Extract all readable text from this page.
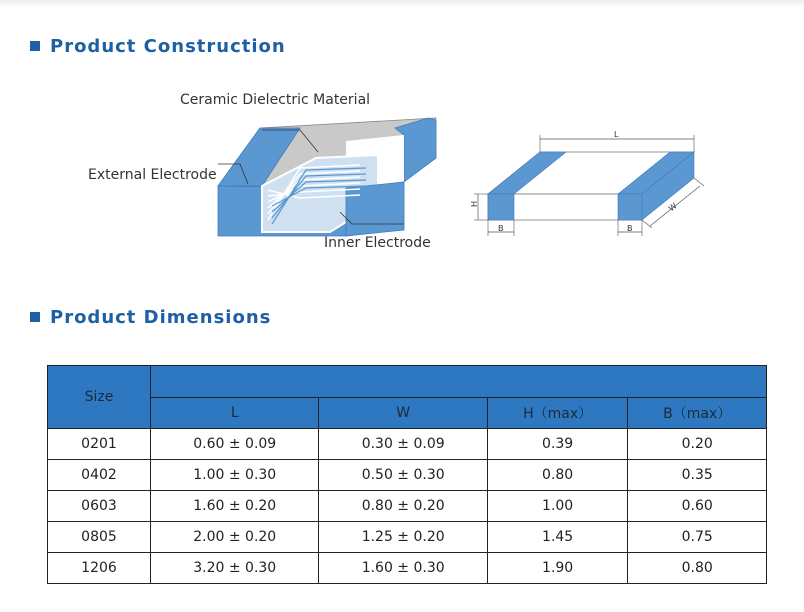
Product Construction
L
H
B	B
W
Ceramic Dielectric Material
External Electrode
Inner Electrode
Product Dimensions
Size				
	L	W	H（max）	B（max）
0201	0.60 ± 0.09	0.30 ± 0.09	0.39	0.20
0402	1.00 ± 0.30	0.50 ± 0.30	0.80	0.35
0603	1.60 ± 0.20	0.80 ± 0.20	1.00	0.60
0805	2.00 ± 0.20	1.25 ± 0.20	1.45	0.75
1206	3.20 ± 0.30	1.60 ± 0.30	1.90	0.80
